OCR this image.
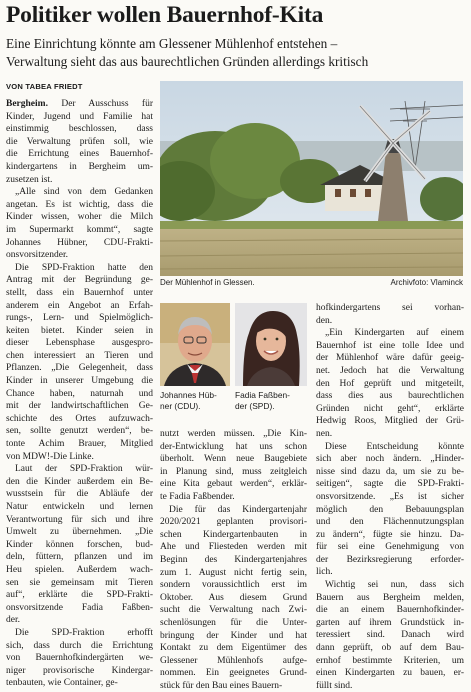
Politiker wollen Bauernhof-Kita
Eine Einrichtung könnte am Glessener Mühlenhof entstehen –
Verwaltung sieht das aus baurechtlichen Gründen allerdings kritisch
VON TABEA FRIEDT
Der Mühlenhof in Glessen.	Archivfoto: Vlaminck
Johannes Hüb-
ner (CDU).
Fadia Faßben-
der (SPD).
Bergheim. Der Ausschuss für
Kinder, Jugend und Familie hat
einstimmig beschlossen, dass
die Verwaltung prüfen soll, wie
die Errichtung eines Bauernhof-
kindergartens in Bergheim um-
zusetzen ist.
„Alle sind von dem Gedanken
angetan. Es ist wichtig, dass die
Kinder wissen, woher die Milch
im Supermarkt kommt“, sagte
Johannes Hübner, CDU-Frakti-
onsvorsitzender.
Die SPD-Fraktion hatte den
Antrag mit der Begründung ge-
stellt, dass ein Bauernhof unter
anderem ein Angebot an Erfah-
rungs-, Lern- und Spielmöglich-
keiten bietet. Kinder seien in
dieser Lebensphase ausgespro-
chen interessiert an Tieren und
Pflanzen. „Die Gelegenheit, dass
Kinder in unserer Umgebung die
Chance haben, naturnah und
mit der landwirtschaftlichen Ge-
schichte des Ortes aufzuwach-
sen, sollte genutzt werden“, be-
tonte Achim Brauer, Mitglied
von MDW!-Die Linke.
Laut der SPD-Fraktion wür-
den die Kinder außerdem ein Be-
wusstsein für die Abläufe der
Natur entwickeln und lernen
Verantwortung für sich und ihre
Umwelt zu übernehmen. „Die
Kinder können forschen, bud-
deln, füttern, pflanzen und im
Heu spielen. Außerdem wach-
sen sie gemeinsam mit Tieren
auf“, erklärte die SPD-Frakti-
onsvorsitzende Fadia Faßben-
der.
Die SPD-Fraktion erhofft
sich, dass durch die Errichtung
von Bauernhofkindergärten we-
niger provisorische Kindergar-
tenbauten, wie Container, ge-
nutzt werden müssen. „Die Kin-
der-Entwicklung hat uns schon
überholt. Wenn neue Baugebiete
in Planung sind, muss zeitgleich
eine Kita gebaut werden“, erklär-
te Fadia Faßbender.
Die für das Kindergartenjahr
2020/2021 geplanten provisori-
schen Kindergartenbauten in
Ahe und Fliesteden werden mit
Beginn des Kindergartenjahres
zum 1. August nicht fertig sein,
sondern voraussichtlich erst im
Oktober. Aus diesem Grund
sucht die Verwaltung nach Zwi-
schenlösungen für die Unter-
bringung der Kinder und hat
Kontakt zu dem Eigentümer des
Glessener Mühlenhofs aufge-
nommen. Ein geeignetes Grund-
stück für den Bau eines Bauern-
hofkindergartens sei vorhan-
den.
„Ein Kindergarten auf einem
Bauernhof ist eine tolle Idee und
der Mühlenhof wäre dafür geeig-
net. Jedoch hat die Verwaltung
den Hof geprüft und mitgeteilt,
dass dies aus baurechtlichen
Gründen nicht geht“, erklärte
Hedwig Roos, Mitglied der Grü-
nen.
Diese Entscheidung könnte
sich aber noch ändern. „Hinder-
nisse sind dazu da, um sie zu be-
seitigen“, sagte die SPD-Frakti-
onsvorsitzende. „Es ist sicher
möglich den Bebauungsplan
und den Flächennutzungsplan
zu ändern“, fügte sie hinzu. Da-
für sei eine Genehmigung von
der Bezirksregierung erforder-
lich.
Wichtig sei nun, dass sich
Bauern aus Bergheim melden,
die an einem Bauernhofkinder-
garten auf ihrem Grundstück in-
teressiert sind. Danach wird
dann geprüft, ob auf dem Bau-
ernhof bestimmte Kriterien, um
einen Kindergarten zu bauen, er-
füllt sind.
